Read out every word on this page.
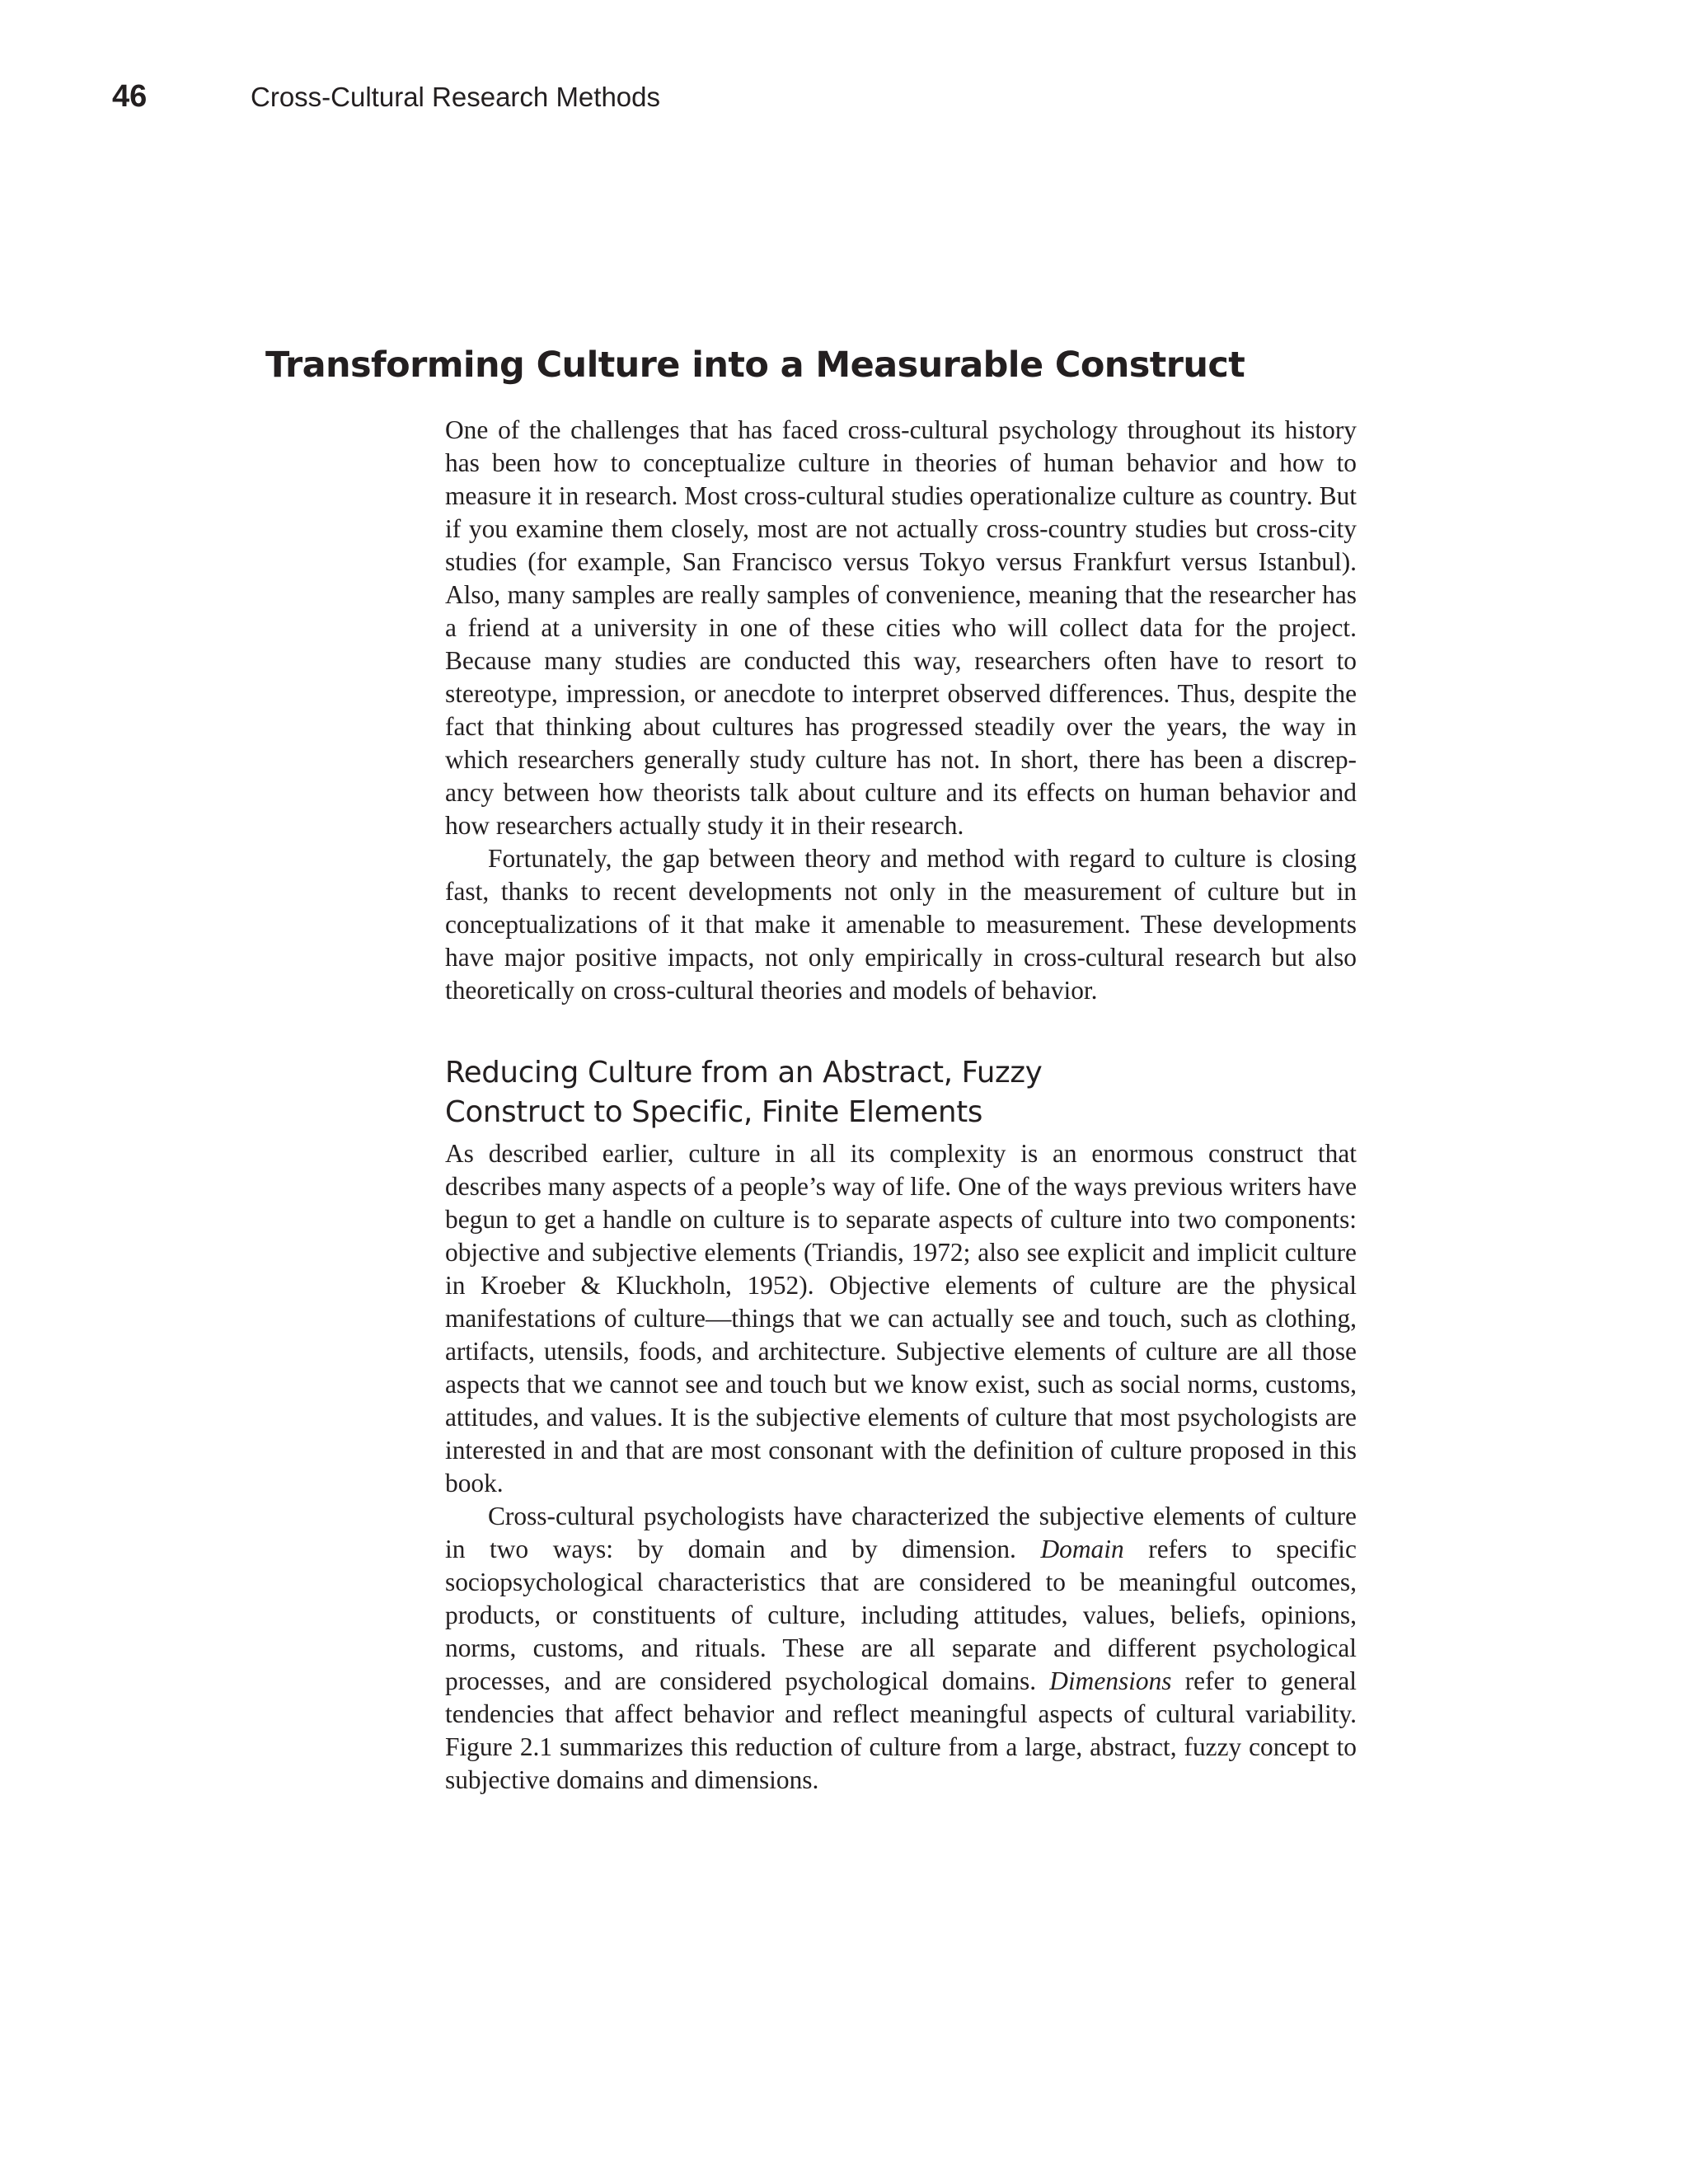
46	Cross-Cultural Research Methods
Transforming Culture into a Measurable Construct

One of the challenges that has faced cross-cultural psychology throughout its history has been how to conceptualize culture in theories of human behavior and how to measure it in research. Most cross-cultural studies operationalize culture as country. But if you examine them closely, most are not actually cross-country studies but cross-city studies (for example, San Francisco versus Tokyo versus Frankfurt versus Istanbul). Also, many samples are really samples of convenience, meaning that the researcher has a friend at a university in one of these cities who will collect data for the project. Because many studies are conducted this way, researchers often have to resort to stereotype, impression, or anecdote to interpret observed differences. Thus, despite the fact that thinking about cultures has progressed steadily over the years, the way in which researchers generally study culture has not. In short, there has been a discrepancy between how theorists talk about culture and its effects on human behavior and how researchers actually study it in their research.

Fortunately, the gap between theory and method with regard to culture is closing fast, thanks to recent developments not only in the measurement of culture but in conceptualizations of it that make it amenable to measurement. These developments have major positive impacts, not only empirically in cross-cultural research but also theoretically on cross-cultural theories and models of behavior.

Reducing Culture from an Abstract, Fuzzy
Construct to Specific, Finite Elements

As described earlier, culture in all its complexity is an enormous construct that describes many aspects of a people’s way of life. One of the ways previous writers have begun to get a handle on culture is to separate aspects of culture into two components: objective and subjective elements (Triandis, 1972; also see explicit and implicit culture in Kroeber & Kluckholn, 1952). Objective elements of culture are the physical manifestations of culture—things that we can actually see and touch, such as clothing, artifacts, utensils, foods, and architecture. Subjective elements of culture are all those aspects that we cannot see and touch but we know exist, such as social norms, customs, attitudes, and values. It is the subjective elements of culture that most psychologists are interested in and that are most consonant with the definition of culture proposed in this book.

Cross-cultural psychologists have characterized the subjective elements of culture in two ways: by domain and by dimension. Domain refers to specific sociopsychological characteristics that are considered to be meaningful outcomes, products, or constituents of culture, including attitudes, values, beliefs, opinions, norms, customs, and rituals. These are all separate and different psychological processes, and are considered psychological domains. Dimensions refer to general tendencies that affect behavior and reflect meaningful aspects of cultural variability. Figure 2.1 summarizes this reduction of culture from a large, abstract, fuzzy concept to subjective domains and dimensions.
